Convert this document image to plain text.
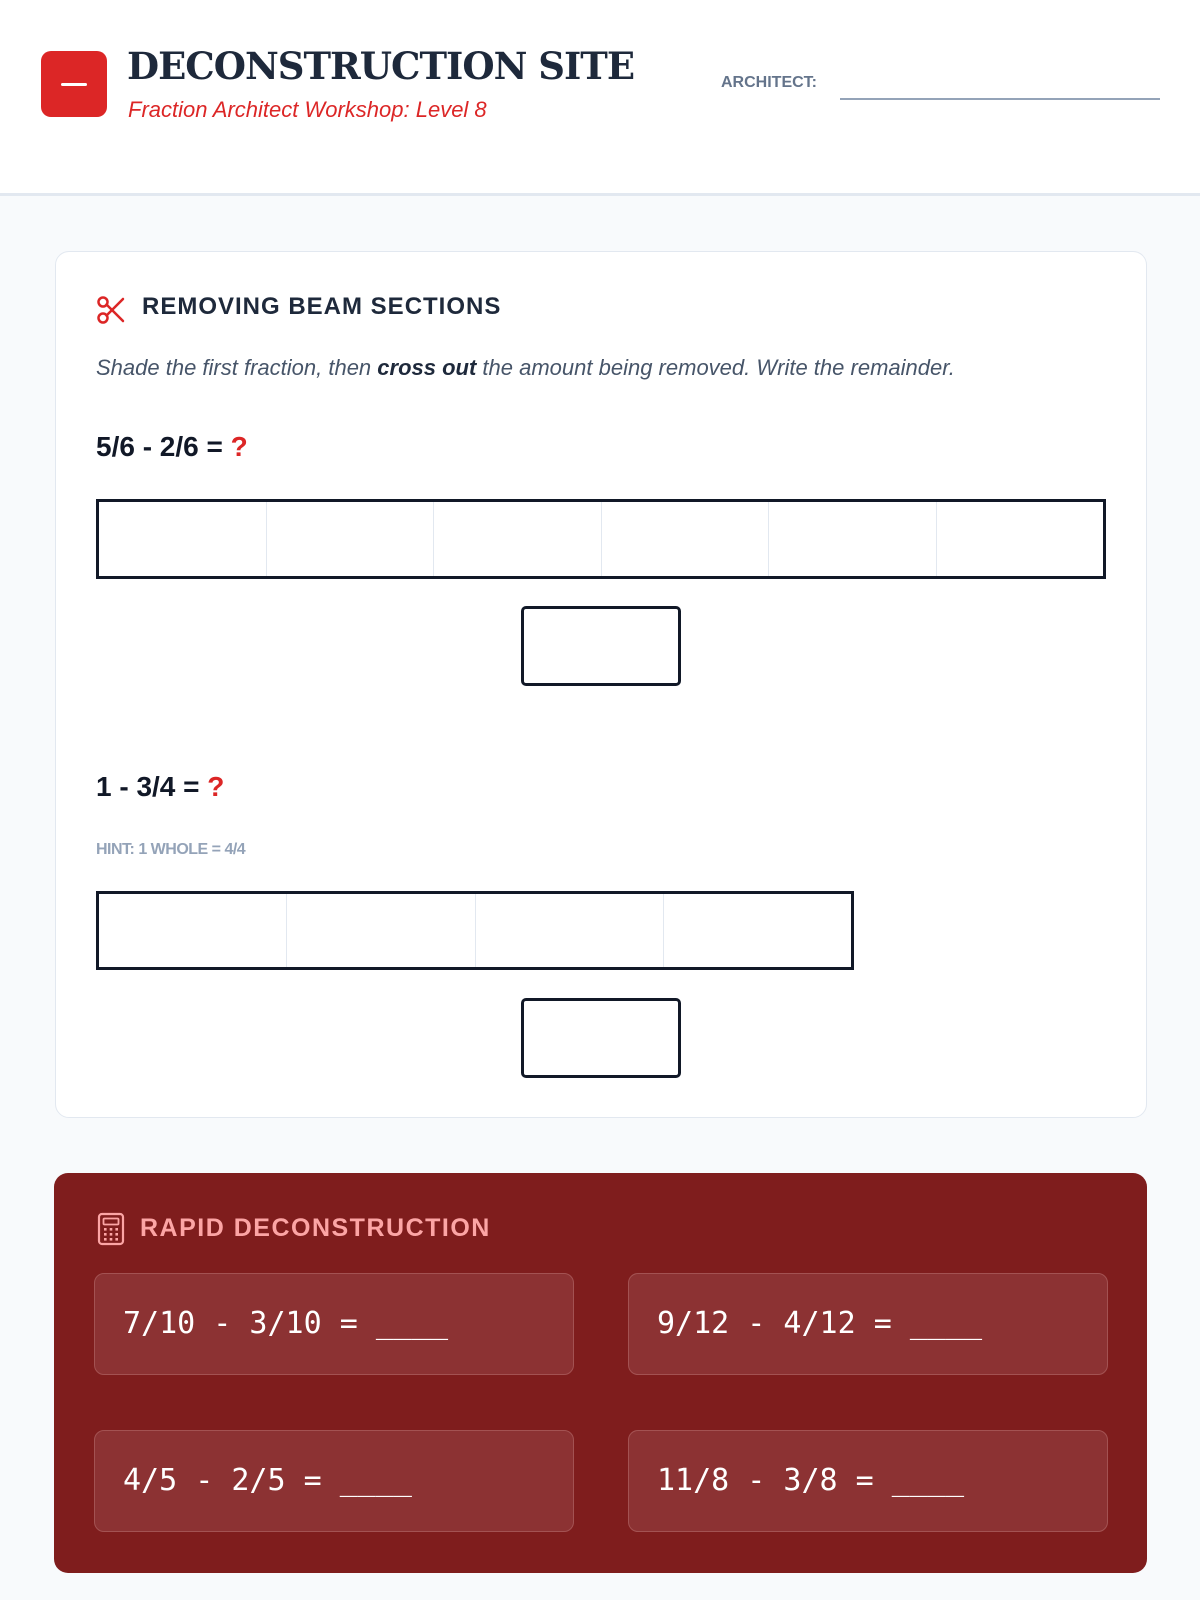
DECONSTRUCTION SITE
Fraction Architect Workshop: Level 8
ARCHITECT:
REMOVING BEAM SECTIONS
Shade the first fraction, then cross out the amount being removed. Write the remainder.
5/6 - 2/6 = ?
1 - 3/4 = ?
HINT: 1 WHOLE = 4/4
RAPID DECONSTRUCTION
7/10 - 3/10 = ____	9/12 - 4/12 = ____
4/5 - 2/5 = ____	11/8 - 3/8 = ____
